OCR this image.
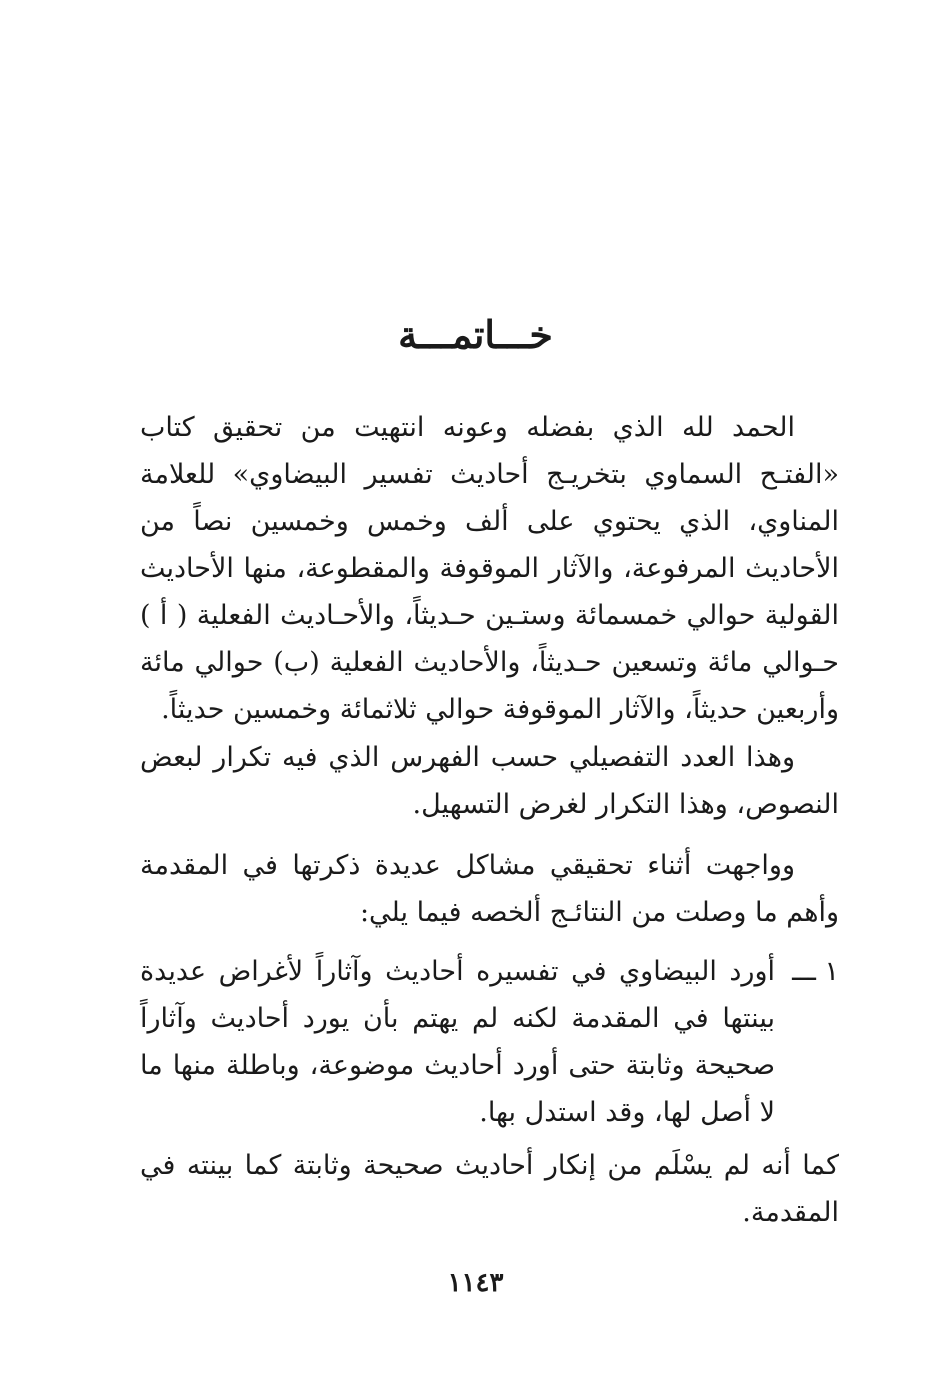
خـــاتمـــة
الحمد لله الذي بفضله وعونه انتهيت من تحقيق كتاب «الفتـح السماوي بتخريـج أحاديث تفسير البيضاوي» للعلامة المناوي، الذي يحتوي على ألف وخمس وخمسين نصاً من الأحاديث المرفوعة، والآثار الموقوفة والمقطوعة، منها الأحاديث القولية حوالي خمسمائة وستـين حـديثاً، والأحـاديث الفعلية ( أ ) حـوالي مائة وتسعين حـديثاً، والأحاديث الفعلية (ب) حوالي مائة وأربعين حديثاً، والآثار الموقوفة حوالي ثلاثمائة وخمسين حديثاً.
وهذا العدد التفصيلي حسب الفهرس الذي فيه تكرار لبعض النصوص، وهذا التكرار لغرض التسهيل.
وواجهت أثناء تحقيقي مشاكل عديدة ذكرتها في المقدمة وأهم ما وصلت من النتائـج ألخصه فيما يلي:
١ ـــ
أورد البيضاوي في تفسيره أحاديث وآثاراً لأغراض عديدة بينتها في المقدمة لكنه لم يهتم بأن يورد أحاديث وآثاراً صحيحة وثابتة حتى أورد أحاديث موضوعة، وباطلة منها ما لا أصل لها، وقد استدل بها.
كما أنه لم يسْلَم من إنكار أحاديث صحيحة وثابتة كما بينته في المقدمة.
١١٤٣
